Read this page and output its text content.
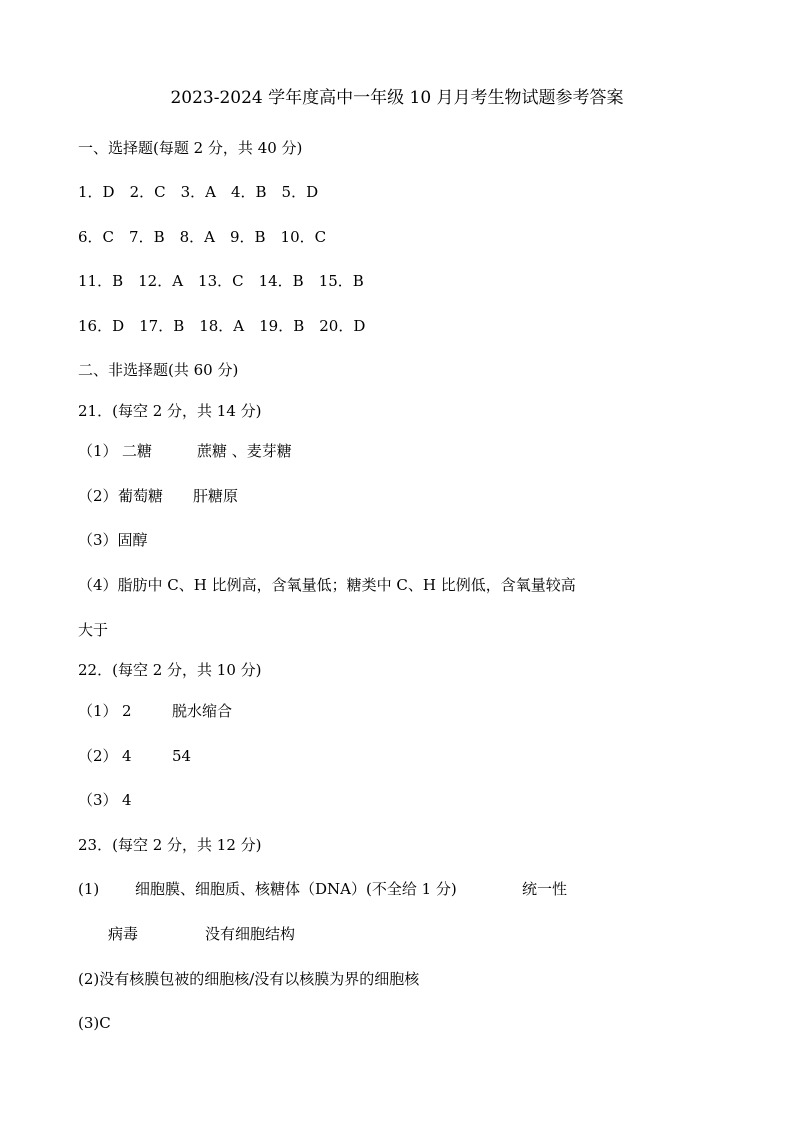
2023-2024 学年度高中一年级 10 月月考生物试题参考答案
一、选择题(每题 2 分，共 40 分)
1．D　2．C　3．A　4．B　5．D
6．C　7．B　8．A　9．B　10．C
11．B　12．A　13．C　14．B　15．B
16．D　17．B　18．A　19．B　20．D
二、非选择题(共 60 分)
21．(每空 2 分，共 14 分)
（1） 二糖	蔗糖 、麦芽糖
（2）葡萄糖 肝糖原
（3）固醇
（4）脂肪中 C、H 比例高，含氧量低；糖类中 C、H 比例低，含氧量较高
大于
22．(每空 2 分，共 10 分)
（1） 2	脱水缩合
（2） 4	54
（3） 4
23．(每空 2 分，共 12 分)
(1) 细胞膜、细胞质、核糖体（DNA）(不全给 1 分)	统一性
病毒	没有细胞结构
(2)没有核膜包被的细胞核/没有以核膜为界的细胞核
(3)C
